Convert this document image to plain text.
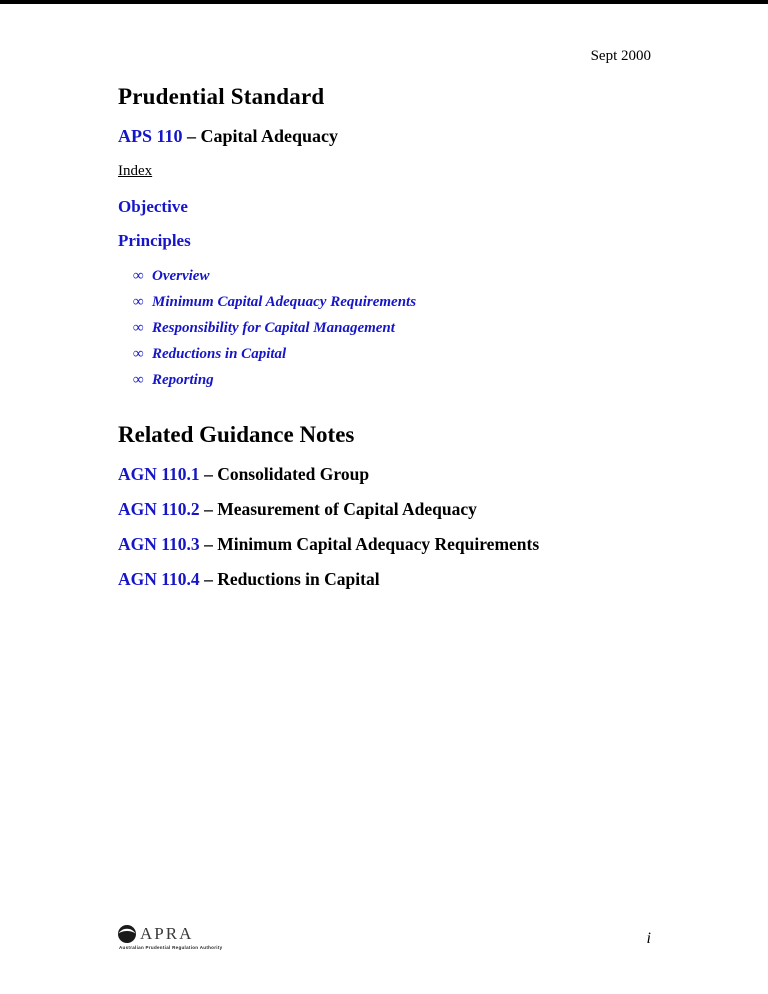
Sept 2000
Prudential Standard
APS 110 – Capital Adequacy
Index
Objective
Principles
∞ Overview
∞ Minimum Capital Adequacy Requirements
∞ Responsibility for Capital Management
∞ Reductions in Capital
∞ Reporting
Related Guidance Notes
AGN 110.1 – Consolidated Group
AGN 110.2 – Measurement of Capital Adequacy
AGN 110.3 – Minimum Capital Adequacy Requirements
AGN 110.4 – Reductions in Capital
APRA
Australian Prudential Regulation Authority
i
